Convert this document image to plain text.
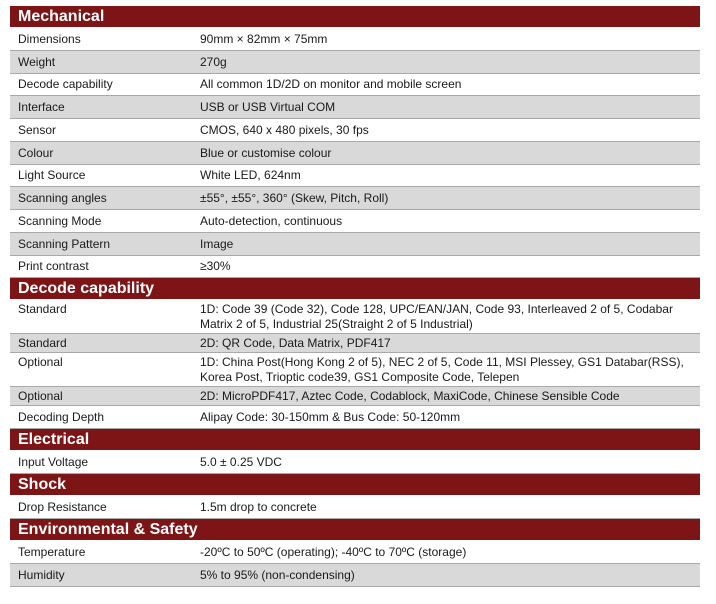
Mechanical
Dimensions	90mm × 82mm × 75mm
Weight	270g
Decode capability	All common 1D/2D on monitor and mobile screen
Interface	USB or USB Virtual COM
Sensor	CMOS, 640 x 480 pixels, 30 fps
Colour	Blue or customise colour
Light Source	White LED, 624nm
Scanning angles	±55°, ±55°, 360° (Skew, Pitch, Roll)
Scanning Mode	Auto-detection, continuous
Scanning Pattern	Image
Print contrast	≥30%
Decode capability
Standard	1D: Code 39 (Code 32), Code 128, UPC/EAN/JAN, Code 93, Interleaved 2 of 5, Codabar Matrix 2 of 5, Industrial 25(Straight 2 of 5 Industrial)
Standard	2D: QR Code, Data Matrix, PDF417
Optional	1D: China Post(Hong Kong 2 of 5), NEC 2 of 5, Code 11, MSI Plessey, GS1 Databar(RSS), Korea Post, Trioptic code39, GS1 Composite Code, Telepen
Optional	2D: MicroPDF417, Aztec Code, Codablock, MaxiCode, Chinese Sensible Code
Decoding Depth	Alipay Code: 30-150mm & Bus Code: 50-120mm
Electrical
Input Voltage	5.0 ± 0.25 VDC
Shock
Drop Resistance	1.5m drop to concrete
Environmental & Safety
Temperature	-20ºC to 50ºC (operating); -40ºC to 70ºC (storage)
Humidity	5% to 95% (non-condensing)
